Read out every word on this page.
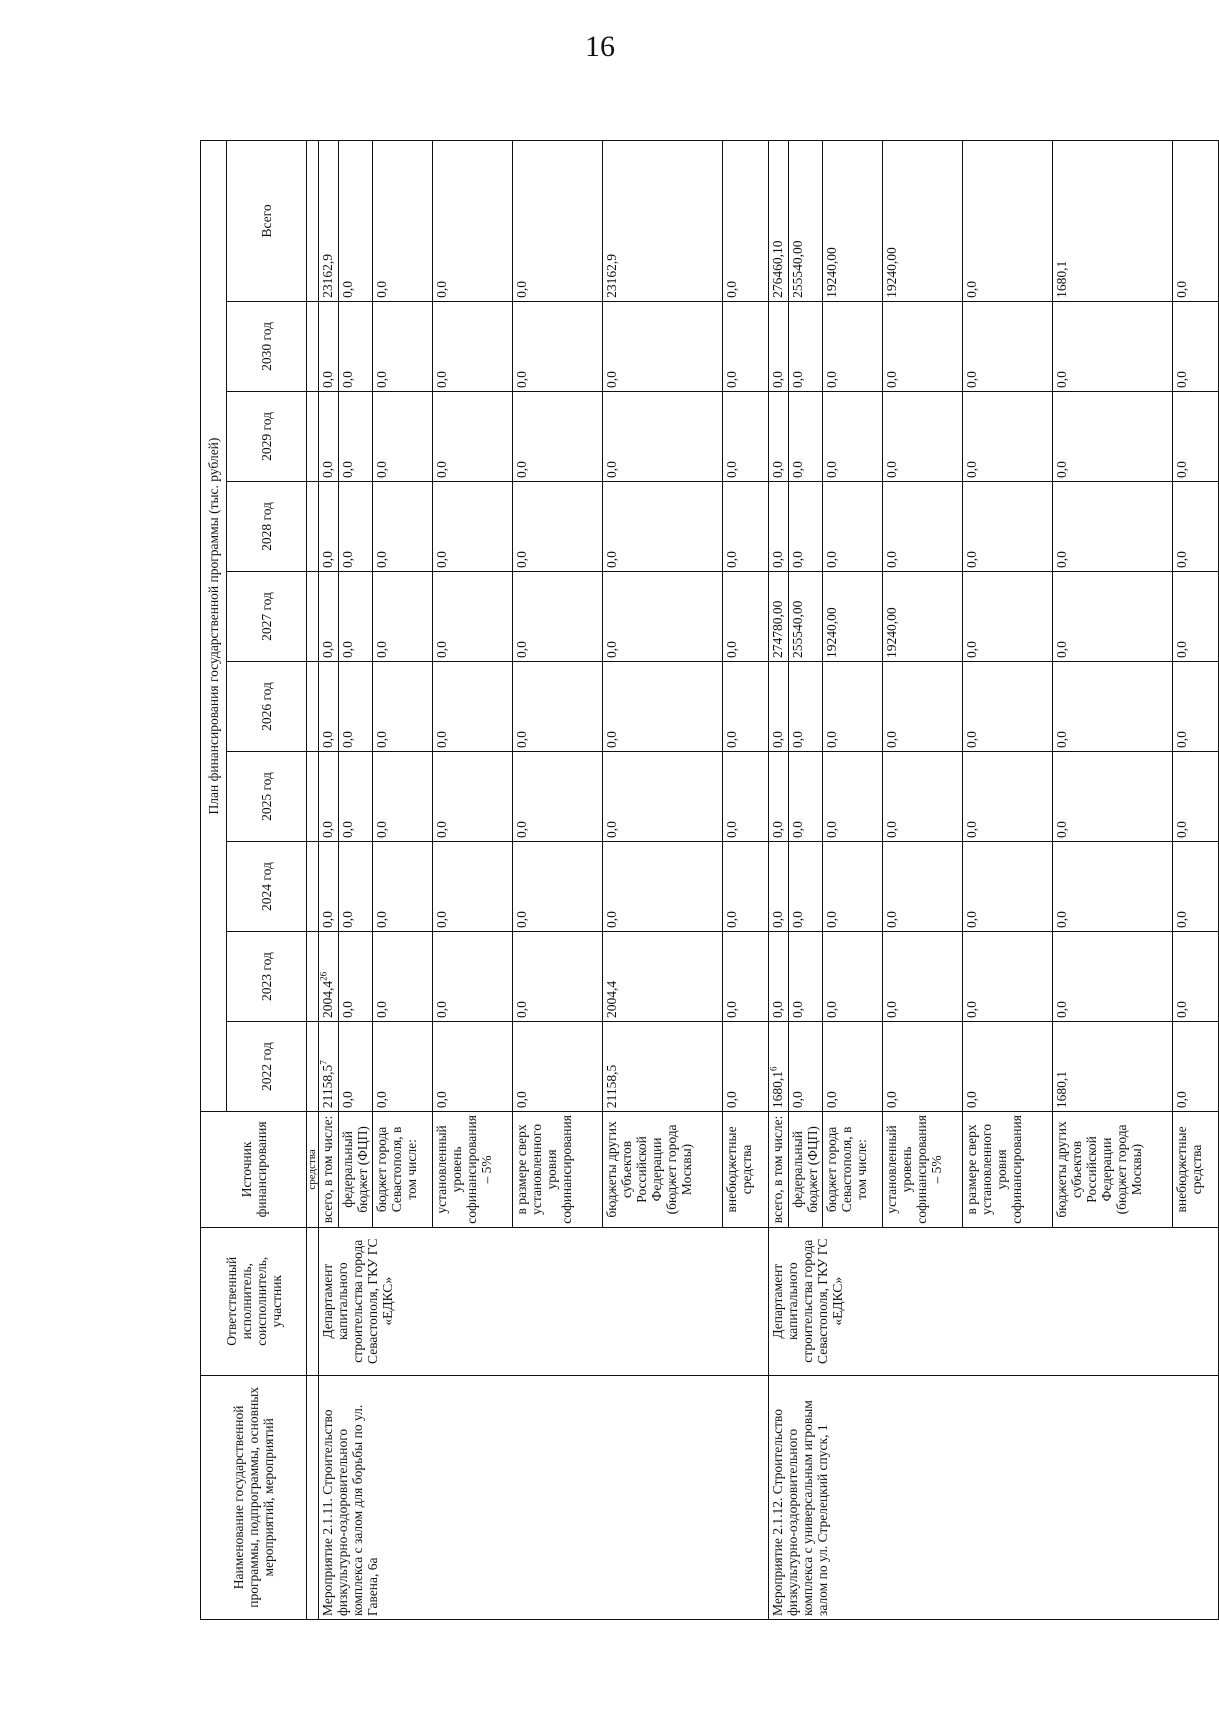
16
Наименование государственной программы, подпрограммы, основных мероприятий, мероприятий	Ответственный исполнитель, соисполнитель, участник	Источник финансирования	План финансирования государственной программы (тыс. рублей)									
			2022 год	2023 год	2024 год	2025 год	2026 год	2027 год	2028 год	2029 год	2030 год	Всего
		средства										
Мероприятие 2.1.11. Строительство физкультурно-оздоровительного комплекса с залом для борьбы по ул. Гавена, 6а	Департамент капитального строительства города Севастополя, ГКУ ГС «ЕДКС»	всего, в том числе:	21158,5$^7$	2004,4$^{26}$	0,0	0,0	0,0	0,0	0,0	0,0	0,0	23162,9
		федеральный бюджет (ФЦП)	0,0	0,0	0,0	0,0	0,0	0,0	0,0	0,0	0,0	0,0
		бюджет города Севастополя, в том числе:	0,0	0,0	0,0	0,0	0,0	0,0	0,0	0,0	0,0	0,0
		установленный уровень софинансирования – 5%	0,0	0,0	0,0	0,0	0,0	0,0	0,0	0,0	0,0	0,0
		в размере сверх установленного уровня софинансирования	0,0	0,0	0,0	0,0	0,0	0,0	0,0	0,0	0,0	0,0
		бюджеты других субъектов Российской Федерации (бюджет города Москвы)	21158,5	2004,4	0,0	0,0	0,0	0,0	0,0	0,0	0,0	23162,9
		внебюджетные средства	0,0	0,0	0,0	0,0	0,0	0,0	0,0	0,0	0,0	0,0
Мероприятие 2.1.12. Строительство физкультурно-оздоровительного комплекса с универсальным игровым залом по ул. Стрелецкий спуск, 1	Департамент капитального строительства города Севастополя, ГКУ ГС «ЕДКС»	всего, в том числе:	1680,1$^6$	0,0	0,0	0,0	0,0	274780,00	0,0	0,0	0,0	276460,10
		федеральный бюджет (ФЦП)	0,0	0,0	0,0	0,0	0,0	255540,00	0,0	0,0	0,0	255540,00
		бюджет города Севастополя, в том числе:	0,0	0,0	0,0	0,0	0,0	19240,00	0,0	0,0	0,0	19240,00
		установленный уровень софинансирования – 5%	0,0	0,0	0,0	0,0	0,0	19240,00	0,0	0,0	0,0	19240,00
		в размере сверх установленного уровня софинансирования	0,0	0,0	0,0	0,0	0,0	0,0	0,0	0,0	0,0	0,0
		бюджеты других субъектов Российской Федерации (бюджет города Москвы)	1680,1	0,0	0,0	0,0	0,0	0,0	0,0	0,0	0,0	1680,1
		внебюджетные средства	0,0	0,0	0,0	0,0	0,0	0,0	0,0	0,0	0,0	0,0
